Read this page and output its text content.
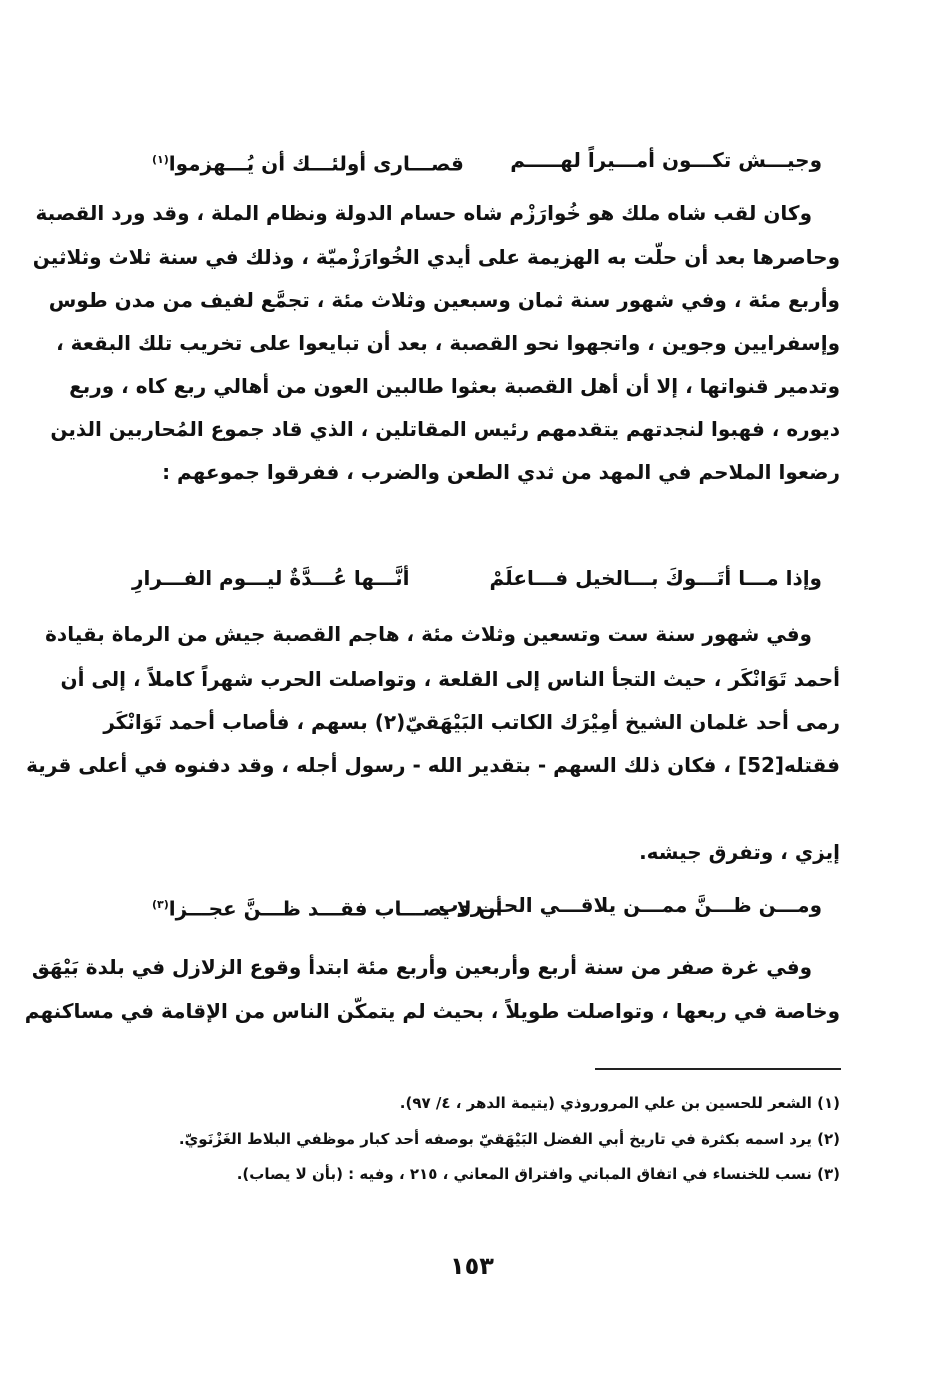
وجيـــش تكـــون أمـــيراً لهـــــم
قصـــارى أولئـــك أن يُـــهزموا$^{(١)}$
وكان لقب شاه ملك هو خُوارَزْم شاه حسام الدولة ونظام الملة ، وقد ورد القصبة
وحاصرها بعد أن حلّت به الهزيمة على أيدي الخُوارَزْميّة ، وذلك في سنة ثلاث وثلاثين
وأربع مئة ، وفي شهور سنة ثمان وسبعين وثلاث مئة ، تجمَّع لفيف من مدن طوس
وإسفرايين وجوين ، واتجهوا نحو القصبة ، بعد أن تبايعوا على تخريب تلك البقعة ،
وتدمير قنواتها ، إلا أن أهل القصبة بعثوا طالبين العون من أهالي ربع كاه ، وربع
ديوره ، فهبوا لنجدتهم يتقدمهم رئيس المقاتلين ، الذي قاد جموع المُحاربين الذين
رضعوا الملاحم في المهد من ثدي الطعن والضرب ، ففرقوا جموعهم :
وإذا مـــا أتَـــوكَ بـــالخيل فـــاعلَمْ
أنَّـــها عُـــدَّةٌ ليـــوم الفـــرارِ
وفي شهور سنة ست وتسعين وثلاث مئة ، هاجم القصبة جيش من الرماة بقيادة
أحمد تَوَانْكَر ، حيث التجأ الناس إلى القلعة ، وتواصلت الحرب شهراً كاملاً ، إلى أن
رمى أحد غلمان الشيخ أمِيْرَك الكاتب البَيْهَقيّ(٢) بسهم ، فأصاب أحمد تَوَانْكَر
فقتله[52] ، فكان ذلك السهم - بتقدير الله - رسول أجله ، وقد دفنوه في أعلى قرية
إيزي ، وتفرق جيشه.
ومـــن ظـــنَّ ممـــن يلاقـــي الحـــروب
أن لا يصـــاب فقـــد ظـــنَّ عجـــزا$^{(٣)}$
وفي غرة صفر من سنة أربع وأربعين وأربع مئة ابتدأ وقوع الزلازل في بلدة بَيْهَق
وخاصة في ربعها ، وتواصلت طويلاً ، بحيث لم يتمكّن الناس من الإقامة في مساكنهم
(١) الشعر للحسين بن علي المروروذي (يتيمة الدهر ، ٤/ ٩٧).
(٢) يرد اسمه بكثرة في تاريخ أبي الفضل البَيْهَقيّ بوصفه أحد كبار موظفي البلاط الغَزْنَويّ.
(٣) نسب للخنساء في اتفاق المباني وافتراق المعاني ، ٢١٥ ، وفيه : (بأن لا يصاب).
١٥٣
